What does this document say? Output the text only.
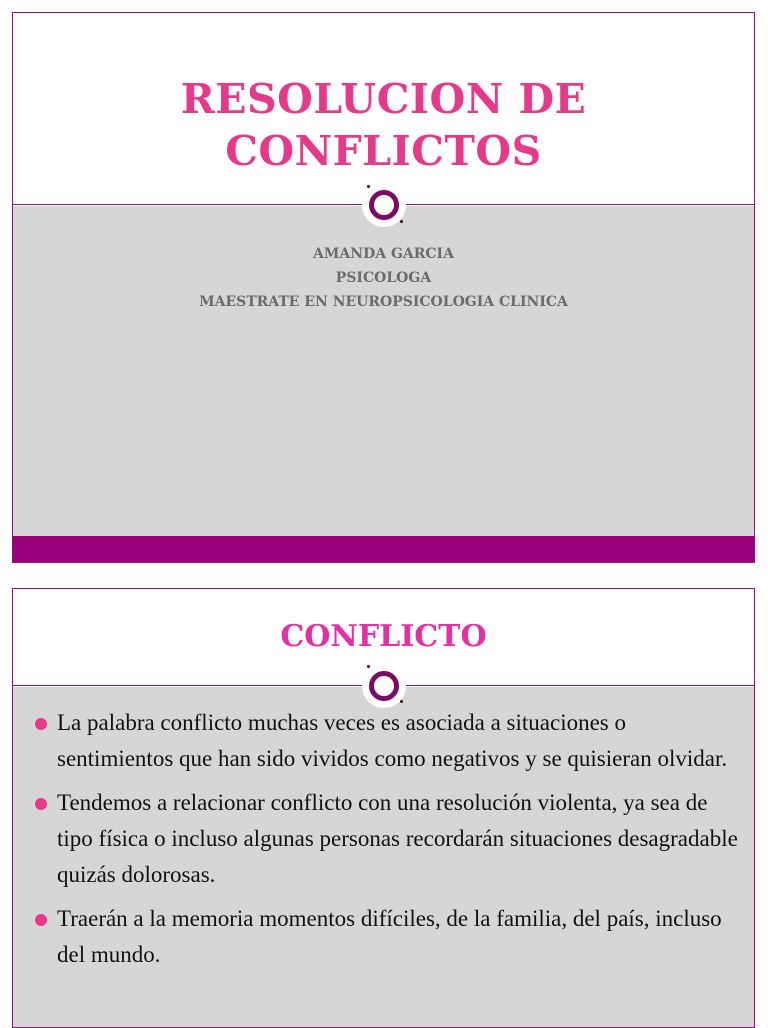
RESOLUCION DE
CONFLICTOS
AMANDA GARCIA
PSICOLOGA
MAESTRATE EN NEUROPSICOLOGIA CLINICA
CONFLICTO
La palabra conflicto muchas veces es asociada a situaciones o sentimientos que han sido vividos como negativos y se quisieran olvidar.
Tendemos a relacionar conflicto con una resolución violenta, ya sea de tipo física o incluso algunas personas recordarán situaciones desagradable quizás dolorosas.
Traerán a la memoria momentos difíciles, de la familia, del país, incluso del mundo.
